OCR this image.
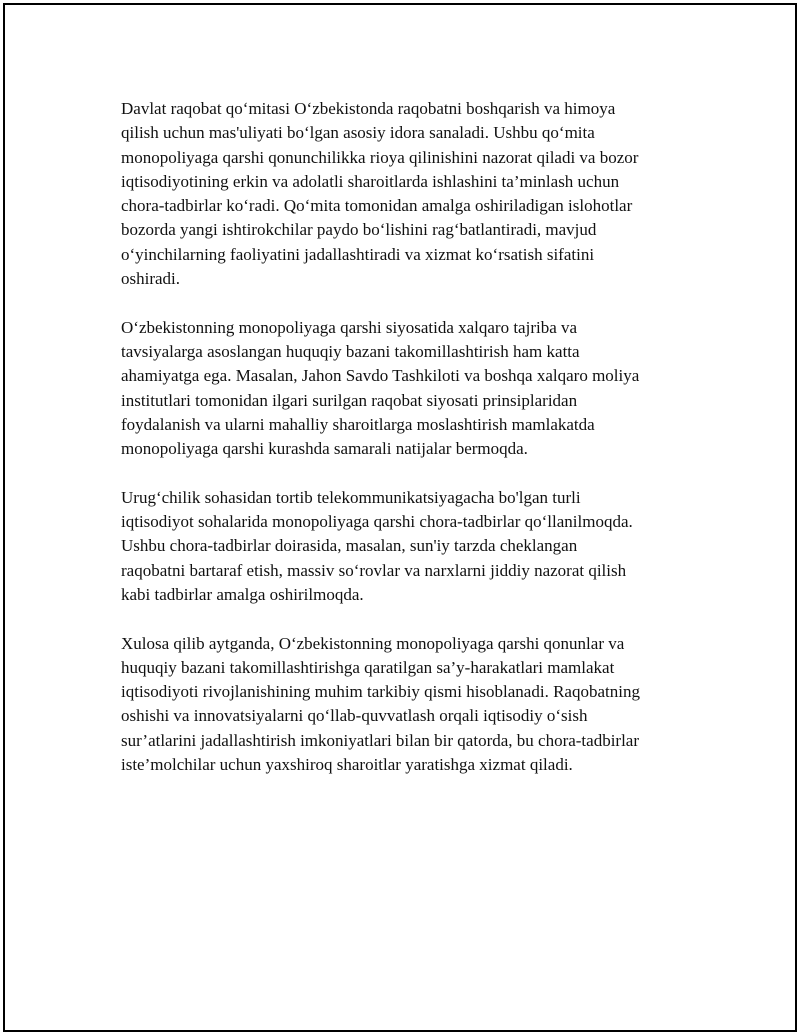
Davlat raqobat qo‘mitasi O‘zbekistonda raqobatni boshqarish va himoya
qilish uchun mas'uliyati bo‘lgan asosiy idora sanaladi. Ushbu qo‘mita
monopoliyaga qarshi qonunchilikka rioya qilinishini nazorat qiladi va bozor
iqtisodiyotining erkin va adolatli sharoitlarda ishlashini ta’minlash uchun
chora-tadbirlar ko‘radi. Qo‘mita tomonidan amalga oshiriladigan islohotlar
bozorda yangi ishtirokchilar paydo bo‘lishini rag‘batlantiradi, mavjud
o‘yinchilarning faoliyatini jadallashtiradi va xizmat ko‘rsatish sifatini
oshiradi.

O‘zbekistonning monopoliyaga qarshi siyosatida xalqaro tajriba va
tavsiyalarga asoslangan huquqiy bazani takomillashtirish ham katta
ahamiyatga ega. Masalan, Jahon Savdo Tashkiloti va boshqa xalqaro moliya
institutlari tomonidan ilgari surilgan raqobat siyosati prinsiplaridan
foydalanish va ularni mahalliy sharoitlarga moslashtirish mamlakatda
monopoliyaga qarshi kurashda samarali natijalar bermoqda.

Urug‘chilik sohasidan tortib telekommunikatsiyagacha bo'lgan turli
iqtisodiyot sohalarida monopoliyaga qarshi chora-tadbirlar qo‘llanilmoqda.
Ushbu chora-tadbirlar doirasida, masalan, sun'iy tarzda cheklangan
raqobatni bartaraf etish, massiv so‘rovlar va narxlarni jiddiy nazorat qilish
kabi tadbirlar amalga oshirilmoqda.

Xulosa qilib aytganda, O‘zbekistonning monopoliyaga qarshi qonunlar va
huquqiy bazani takomillashtirishga qaratilgan sa’y-harakatlari mamlakat
iqtisodiyoti rivojlanishining muhim tarkibiy qismi hisoblanadi. Raqobatning
oshishi va innovatsiyalarni qo‘llab-quvvatlash orqali iqtisodiy o‘sish
sur’atlarini jadallashtirish imkoniyatlari bilan bir qatorda, bu chora-tadbirlar
iste’molchilar uchun yaxshiroq sharoitlar yaratishga xizmat qiladi.
